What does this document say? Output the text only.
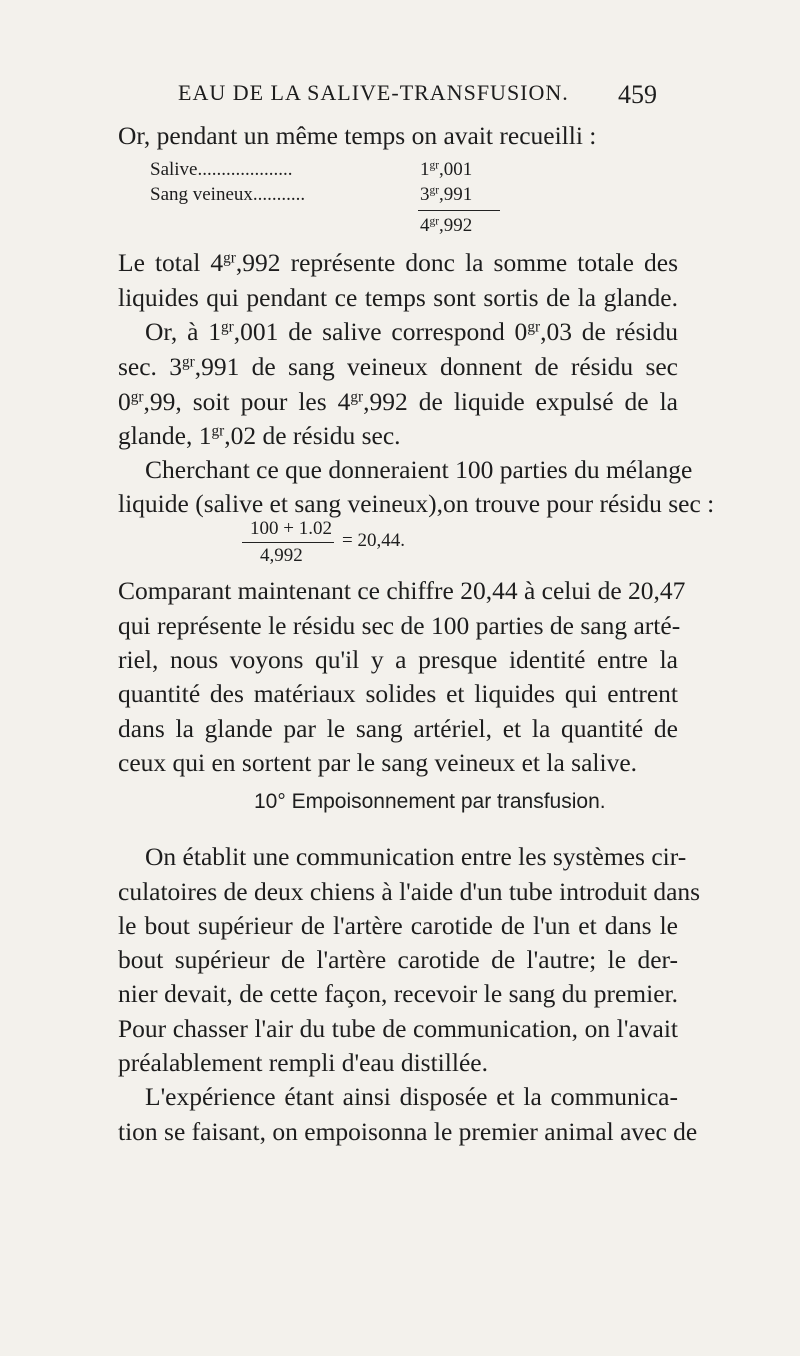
EAU DE LA SALIVE-TRANSFUSION. 459
Or, pendant un même temps on avait recueilli :
Salive....................	$1^{gr},001$
Sang veineux...........	$3^{gr},991$
$4^{gr},992$
Le total $4^{gr},992$ représente donc la somme totale des
liquides qui pendant ce temps sont sortis de la glande.
Or, à $1^{gr},001$ de salive correspond $0^{gr},03$ de résidu
sec. $3^{gr},991$ de sang veineux donnent de résidu sec
$0^{gr},99$, soit pour les $4^{gr},992$ de liquide expulsé de la
glande, $1^{gr},02$ de résidu sec.
Cherchant ce que donneraient 100 parties du mélange
liquide (salive et sang veineux),on trouve pour résidu sec :
100 + 1.02
4,992
= 20,44.
Comparant maintenant ce chiffre 20,44 à celui de 20,47
qui représente le résidu sec de 100 parties de sang arté-
riel, nous voyons qu'il y a presque identité entre la
quantité des matériaux solides et liquides qui entrent
dans la glande par le sang artériel, et la quantité de
ceux qui en sortent par le sang veineux et la salive.
10° Empoisonnement par transfusion.
On établit une communication entre les systèmes cir-
culatoires de deux chiens à l'aide d'un tube introduit dans
le bout supérieur de l'artère carotide de l'un et dans le
bout supérieur de l'artère carotide de l'autre; le der-
nier devait, de cette façon, recevoir le sang du premier.
Pour chasser l'air du tube de communication, on l'avait
préalablement rempli d'eau distillée.
L'expérience étant ainsi disposée et la communica-
tion se faisant, on empoisonna le premier animal avec de
